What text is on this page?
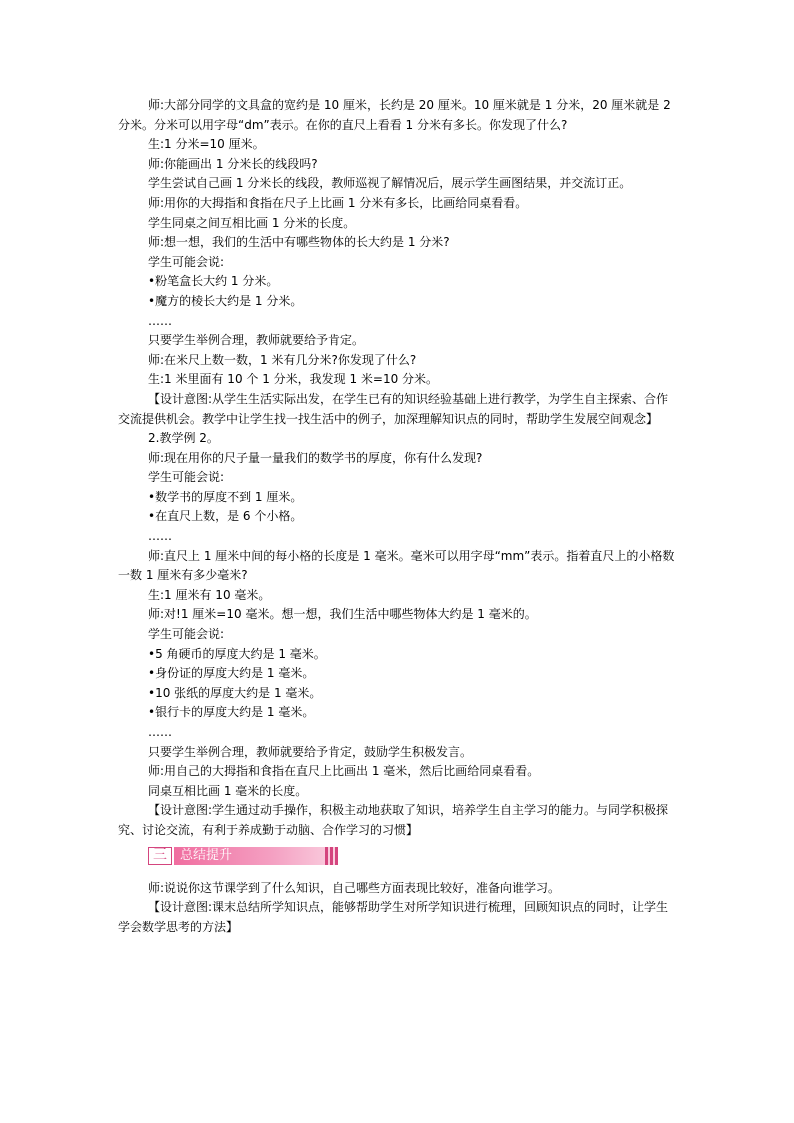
师:大部分同学的文具盒的宽约是 10 厘米，长约是 20 厘米。10 厘米就是 1 分米，20 厘米就是 2 分米。分米可以用字母“dm”表示。在你的直尺上看看 1 分米有多长。你发现了什么?

生:1 分米=10 厘米。

师:你能画出 1 分米长的线段吗?

学生尝试自己画 1 分米长的线段，教师巡视了解情况后，展示学生画图结果，并交流订正。

师:用你的大拇指和食指在尺子上比画 1 分米有多长，比画给同桌看看。

学生同桌之间互相比画 1 分米的长度。

师:想一想，我们的生活中有哪些物体的长大约是 1 分米?

学生可能会说:

•粉笔盒长大约 1 分米。

•魔方的棱长大约是 1 分米。

……

只要学生举例合理，教师就要给予肯定。

师:在米尺上数一数，1 米有几分米?你发现了什么?

生:1 米里面有 10 个 1 分米，我发现 1 米=10 分米。

【设计意图:从学生生活实际出发，在学生已有的知识经验基础上进行教学，为学生自主探索、合作交流提供机会。教学中让学生找一找生活中的例子，加深理解知识点的同时，帮助学生发展空间观念】

2.教学例 2。

师:现在用你的尺子量一量我们的数学书的厚度，你有什么发现?

学生可能会说:

•数学书的厚度不到 1 厘米。

•在直尺上数，是 6 个小格。

……

师:直尺上 1 厘米中间的每小格的长度是 1 毫米。毫米可以用字母“mm”表示。指着直尺上的小格数一数 1 厘米有多少毫米?

生:1 厘米有 10 毫米。

师:对!1 厘米=10 毫米。想一想，我们生活中哪些物体大约是 1 毫米的。

学生可能会说:

•5 角硬币的厚度大约是 1 毫米。

•身份证的厚度大约是 1 毫米。

•10 张纸的厚度大约是 1 毫米。

•银行卡的厚度大约是 1 毫米。

……

只要学生举例合理，教师就要给予肯定，鼓励学生积极发言。

师:用自己的大拇指和食指在直尺上比画出 1 毫米，然后比画给同桌看看。

同桌互相比画 1 毫米的长度。

【设计意图:学生通过动手操作，积极主动地获取了知识，培养学生自主学习的能力。与同学积极探究、讨论交流，有利于养成勤于动脑、合作学习的习惯】

三	总结提升

师:说说你这节课学到了什么知识，自己哪些方面表现比较好，准备向谁学习。

【设计意图:课末总结所学知识点，能够帮助学生对所学知识进行梳理，回顾知识点的同时，让学生学会数学思考的方法】
